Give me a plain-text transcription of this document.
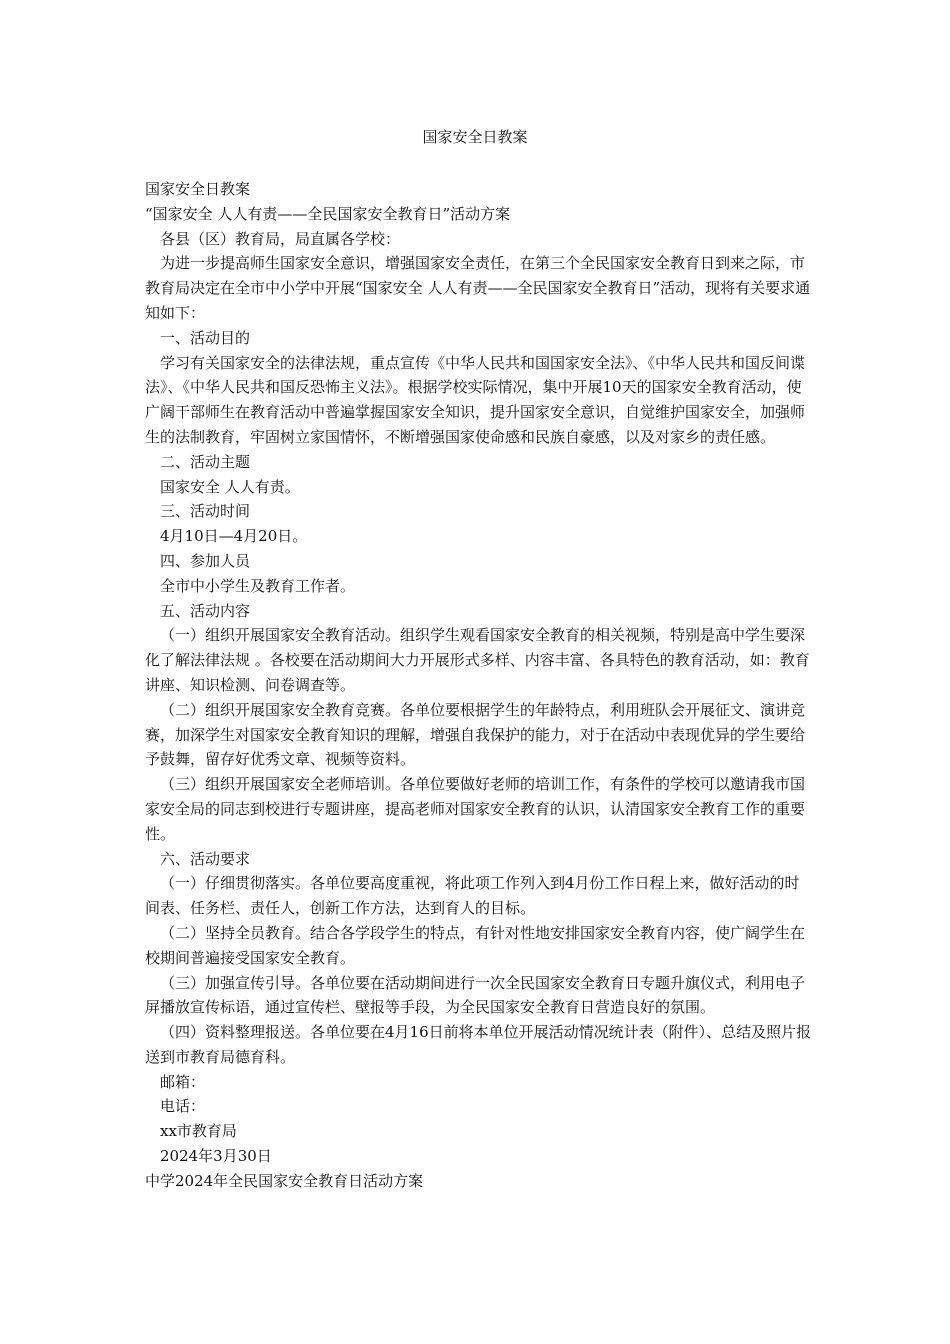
国家安全日教案

国家安全日教案

“国家安全 人人有责——全民国家安全教育日”活动方案

各县（区）教育局，局直属各学校：

为进一步提高师生国家安全意识，增强国家安全责任，在第三个全民国家安全教育日到来之际，市教育局决定在全市中小学中开展“国家安全 人人有责——全民国家安全教育日”活动，现将有关要求通知如下：

一、活动目的

学习有关国家安全的法律法规，重点宣传《中华人民共和国国家安全法》、《中华人民共和国反间谍法》、《中华人民共和国反恐怖主义法》。根据学校实际情况，集中开展10天的国家安全教育活动，使广阔干部师生在教育活动中普遍掌握国家安全知识，提升国家安全意识，自觉维护国家安全，加强师生的法制教育，牢固树立家国情怀，不断增强国家使命感和民族自豪感，以及对家乡的责任感。

二、活动主题

国家安全 人人有责。

三、活动时间

4月10日—4月20日。

四、参加人员

全市中小学生及教育工作者。

五、活动内容

（一）组织开展国家安全教育活动。组织学生观看国家安全教育的相关视频，特别是高中学生要深化了解法律法规 。各校要在活动期间大力开展形式多样、内容丰富、各具特色的教育活动，如：教育讲座、知识检测、问卷调查等。

（二）组织开展国家安全教育竞赛。各单位要根据学生的年龄特点，利用班队会开展征文、演讲竞赛，加深学生对国家安全教育知识的理解，增强自我保护的能力，对于在活动中表现优异的学生要给予鼓舞，留存好优秀文章、视频等资料。

（三）组织开展国家安全老师培训。各单位要做好老师的培训工作，有条件的学校可以邀请我市国家安全局的同志到校进行专题讲座，提高老师对国家安全教育的认识，认清国家安全教育工作的重要性。

六、活动要求

（一）仔细贯彻落实。各单位要高度重视，将此项工作列入到4月份工作日程上来，做好活动的时间表、任务栏、责任人，创新工作方法，达到育人的目标。

（二）坚持全员教育。结合各学段学生的特点，有针对性地安排国家安全教育内容，使广阔学生在校期间普遍接受国家安全教育。

（三）加强宣传引导。各单位要在活动期间进行一次全民国家安全教育日专题升旗仪式，利用电子屏播放宣传标语，通过宣传栏、壁报等手段，为全民国家安全教育日营造良好的氛围。

（四）资料整理报送。各单位要在4月16日前将本单位开展活动情况统计表（附件）、总结及照片报送到市教育局德育科。

邮箱：

电话：

xx市教育局

2024年3月30日

中学2024年全民国家安全教育日活动方案
